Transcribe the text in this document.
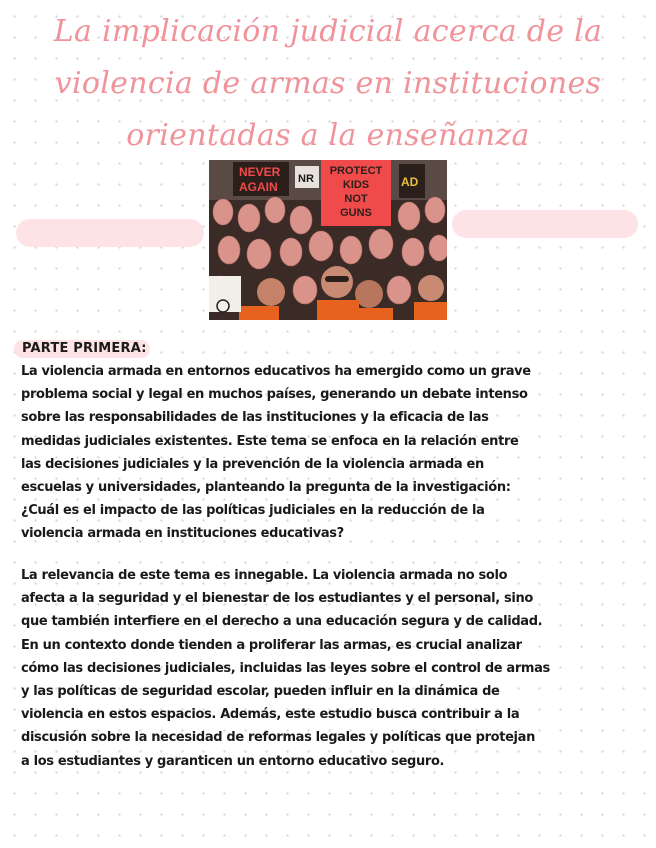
La implicación judicial acerca de la
violencia de armas en instituciones
orientadas a la enseñanza
NEVER
AGAIN
NR
PROTECT
KIDS
NOT
GUNS
AD
PARTE PRIMERA:

La violencia armada en entornos educativos ha emergido como un grave
problema social y legal en muchos países, generando un debate intenso
sobre las responsabilidades de las instituciones y la eficacia de las
medidas judiciales existentes. Este tema se enfoca en la relación entre
las decisiones judiciales y la prevención de la violencia armada en
escuelas y universidades, planteando la pregunta de la investigación:
¿Cuál es el impacto de las políticas judiciales en la reducción de la
violencia armada en instituciones educativas?

La relevancia de este tema es innegable. La violencia armada no solo
afecta a la seguridad y el bienestar de los estudiantes y el personal, sino
que también interfiere en el derecho a una educación segura y de calidad.
En un contexto donde tienden a proliferar las armas, es crucial analizar
cómo las decisiones judiciales, incluidas las leyes sobre el control de armas
y las políticas de seguridad escolar, pueden influir en la dinámica de
violencia en estos espacios. Además, este estudio busca contribuir a la
discusión sobre la necesidad de reformas legales y políticas que protejan
a los estudiantes y garanticen un entorno educativo seguro.
